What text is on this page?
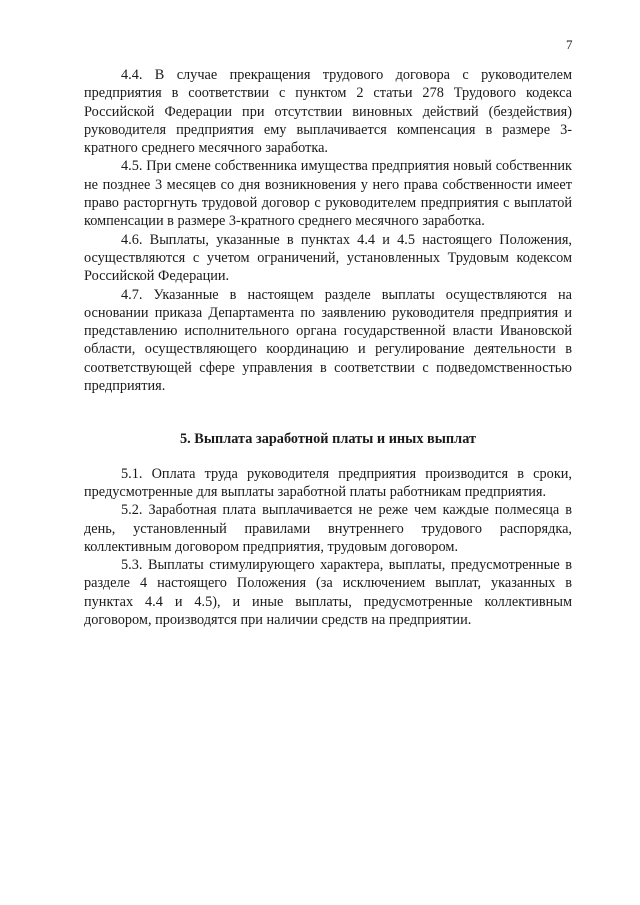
7

4.4. В случае прекращения трудового договора с руководителем предприятия в соответствии с пунктом 2 статьи 278 Трудового кодекса Российской Федерации при отсутствии виновных действий (бездействия) руководителя предприятия ему выплачивается компенсация в размере 3-кратного среднего месячного заработка.

4.5. При смене собственника имущества предприятия новый собственник не позднее 3 месяцев со дня возникновения у него права собственности имеет право расторгнуть трудовой договор с руководителем предприятия с выплатой компенсации в размере 3-кратного среднего месячного заработка.

4.6. Выплаты, указанные в пунктах 4.4 и 4.5 настоящего Положения, осуществляются с учетом ограничений, установленных Трудовым кодексом Российской Федерации.

4.7. Указанные в настоящем разделе выплаты осуществляются на основании приказа Департамента по заявлению руководителя предприятия и представлению исполнительного органа государственной власти Ивановской области, осуществляющего координацию и регулирование деятельности в соответствующей сфере управления в соответствии с подведомственностью предприятия.

5. Выплата заработной платы и иных выплат

5.1. Оплата труда руководителя предприятия производится в сроки, предусмотренные для выплаты заработной платы работникам предприятия.

5.2. Заработная плата выплачивается не реже чем каждые полмесяца в день, установленный правилами внутреннего трудового распорядка, коллективным договором предприятия, трудовым договором.

5.3. Выплаты стимулирующего характера, выплаты, предусмотренные в разделе 4 настоящего Положения (за исключением выплат, указанных в пунктах 4.4 и 4.5), и иные выплаты, предусмотренные коллективным договором, производятся при наличии средств на предприятии.
